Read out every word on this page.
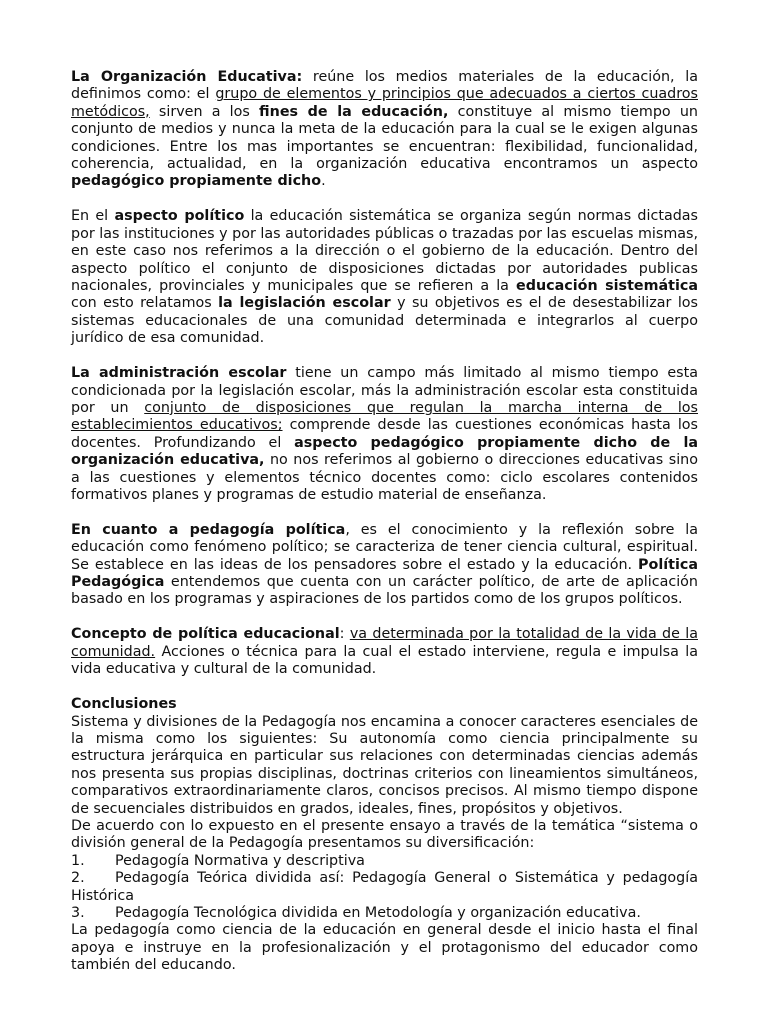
La Organización Educativa: reúne los medios materiales de la educación, la definimos como: el grupo de elementos y principios que adecuados a ciertos cuadros metódicos, sirven a los fines de la educación, constituye al mismo tiempo un conjunto de medios y nunca la meta de la educación para la cual se le exigen algunas condiciones. Entre los mas importantes se encuentran: flexibilidad, funcionalidad, coherencia, actualidad, en la organización educativa encontramos un aspecto pedagógico propiamente dicho.

En el aspecto político la educación sistemática se organiza según normas dictadas por las instituciones y por las autoridades públicas o trazadas por las escuelas mismas, en este caso nos referimos a la dirección o el gobierno de la educación. Dentro del aspecto político el conjunto de disposiciones dictadas por autoridades publicas nacionales, provinciales y municipales que se refieren a la educación sistemática con esto relatamos la legislación escolar y su objetivos es el de desestabilizar los sistemas educacionales de una comunidad determinada e integrarlos al cuerpo jurídico de esa comunidad.

La administración escolar tiene un campo más limitado al mismo tiempo esta condicionada por la legislación escolar, más la administración escolar esta constituida por un conjunto de disposiciones que regulan la marcha interna de los establecimientos educativos; comprende desde las cuestiones económicas hasta los docentes. Profundizando el aspecto pedagógico propiamente dicho de la organización educativa, no nos referimos al gobierno o direcciones educativas sino a las cuestiones y elementos técnico docentes como: ciclo escolares contenidos formativos planes y programas de estudio material de enseñanza.

En cuanto a pedagogía política, es el conocimiento y la reflexión sobre la educación como fenómeno político; se caracteriza de tener ciencia cultural, espiritual. Se establece en las ideas de los pensadores sobre el estado y la educación. Política Pedagógica entendemos que cuenta con un carácter político, de arte de aplicación basado en los programas y aspiraciones de los partidos como de los grupos políticos.

Concepto de política educacional: va determinada por la totalidad de la vida de la comunidad. Acciones o técnica para la cual el estado interviene, regula e impulsa la vida educativa y cultural de la comunidad.

Conclusiones

Sistema y divisiones de la Pedagogía nos encamina a conocer caracteres esenciales de la misma como los siguientes: Su autonomía como ciencia principalmente su estructura jerárquica en particular sus relaciones con determinadas ciencias además nos presenta sus propias disciplinas, doctrinas criterios con lineamientos simultáneos, comparativos extraordinariamente claros, concisos precisos. Al mismo tiempo dispone de secuenciales distribuidos en grados, ideales, fines, propósitos y objetivos.

De acuerdo con lo expuesto en el presente ensayo a través de la temática “sistema o división general de la Pedagogía presentamos su diversificación:

1.	Pedagogía Normativa y descriptiva
2. Pedagogía Teórica dividida así: Pedagogía General o Sistemática y pedagogía Histórica
3.	Pedagogía Tecnológica dividida en Metodología y organización educativa.

La pedagogía como ciencia de la educación en general desde el inicio hasta el final apoya e instruye en la profesionalización y el protagonismo del educador como también del educando.
